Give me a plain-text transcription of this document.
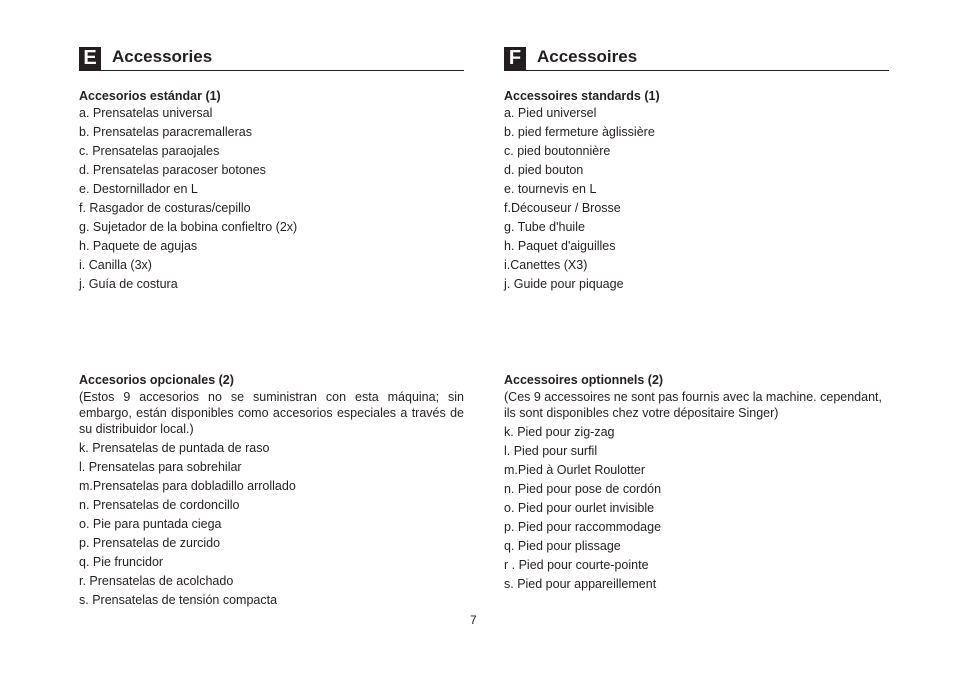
E Accessories

Accesorios estándar (1)

a. Prensatelas universal
b. Prensatelas paracremalleras
c. Prensatelas paraojales
d. Prensatelas paracoser botones
e. Destornillador en L
f. Rasgador de costuras/cepillo
g. Sujetador de la bobina confieltro (2x)
h. Paquete de agujas
i. Canilla (3x)
j. Guía de costura

Accesorios opcionales (2)

(Estos 9 accesorios no se suministran con esta máquina; sin embargo, están disponibles como accesorios especiales a través de su distribuidor local.)

k. Prensatelas de puntada de raso
l. Prensatelas para sobrehilar
m.Prensatelas para dobladillo arrollado
n. Prensatelas de cordoncillo
o. Pie para puntada ciega
p. Prensatelas de zurcido
q. Pie fruncidor
r. Prensatelas de acolchado
s. Prensatelas de tensión compacta
F Accessoires

Accessoires standards (1)

a. Pied universel
b. pied fermeture àglissière
c. pied boutonnière
d. pied bouton
e. tournevis en L
f.Découseur / Brosse
g. Tube d'huile
h. Paquet d'aiguilles
i.Canettes (X3)
j. Guide pour piquage

Accessoires optionnels (2)

(Ces 9 accessoires ne sont pas fournis avec la machine. cependant, ils sont disponibles chez votre dépositaire Singer)

k. Pied pour zig-zag
l. Pied pour surfil
m.Pied à Ourlet Roulotter
n. Pied pour pose de cordón
o. Pied pour ourlet invisible
p. Pied pour raccommodage
q. Pied pour plissage
r . Pied pour courte-pointe
s. Pied pour appareillement
7
